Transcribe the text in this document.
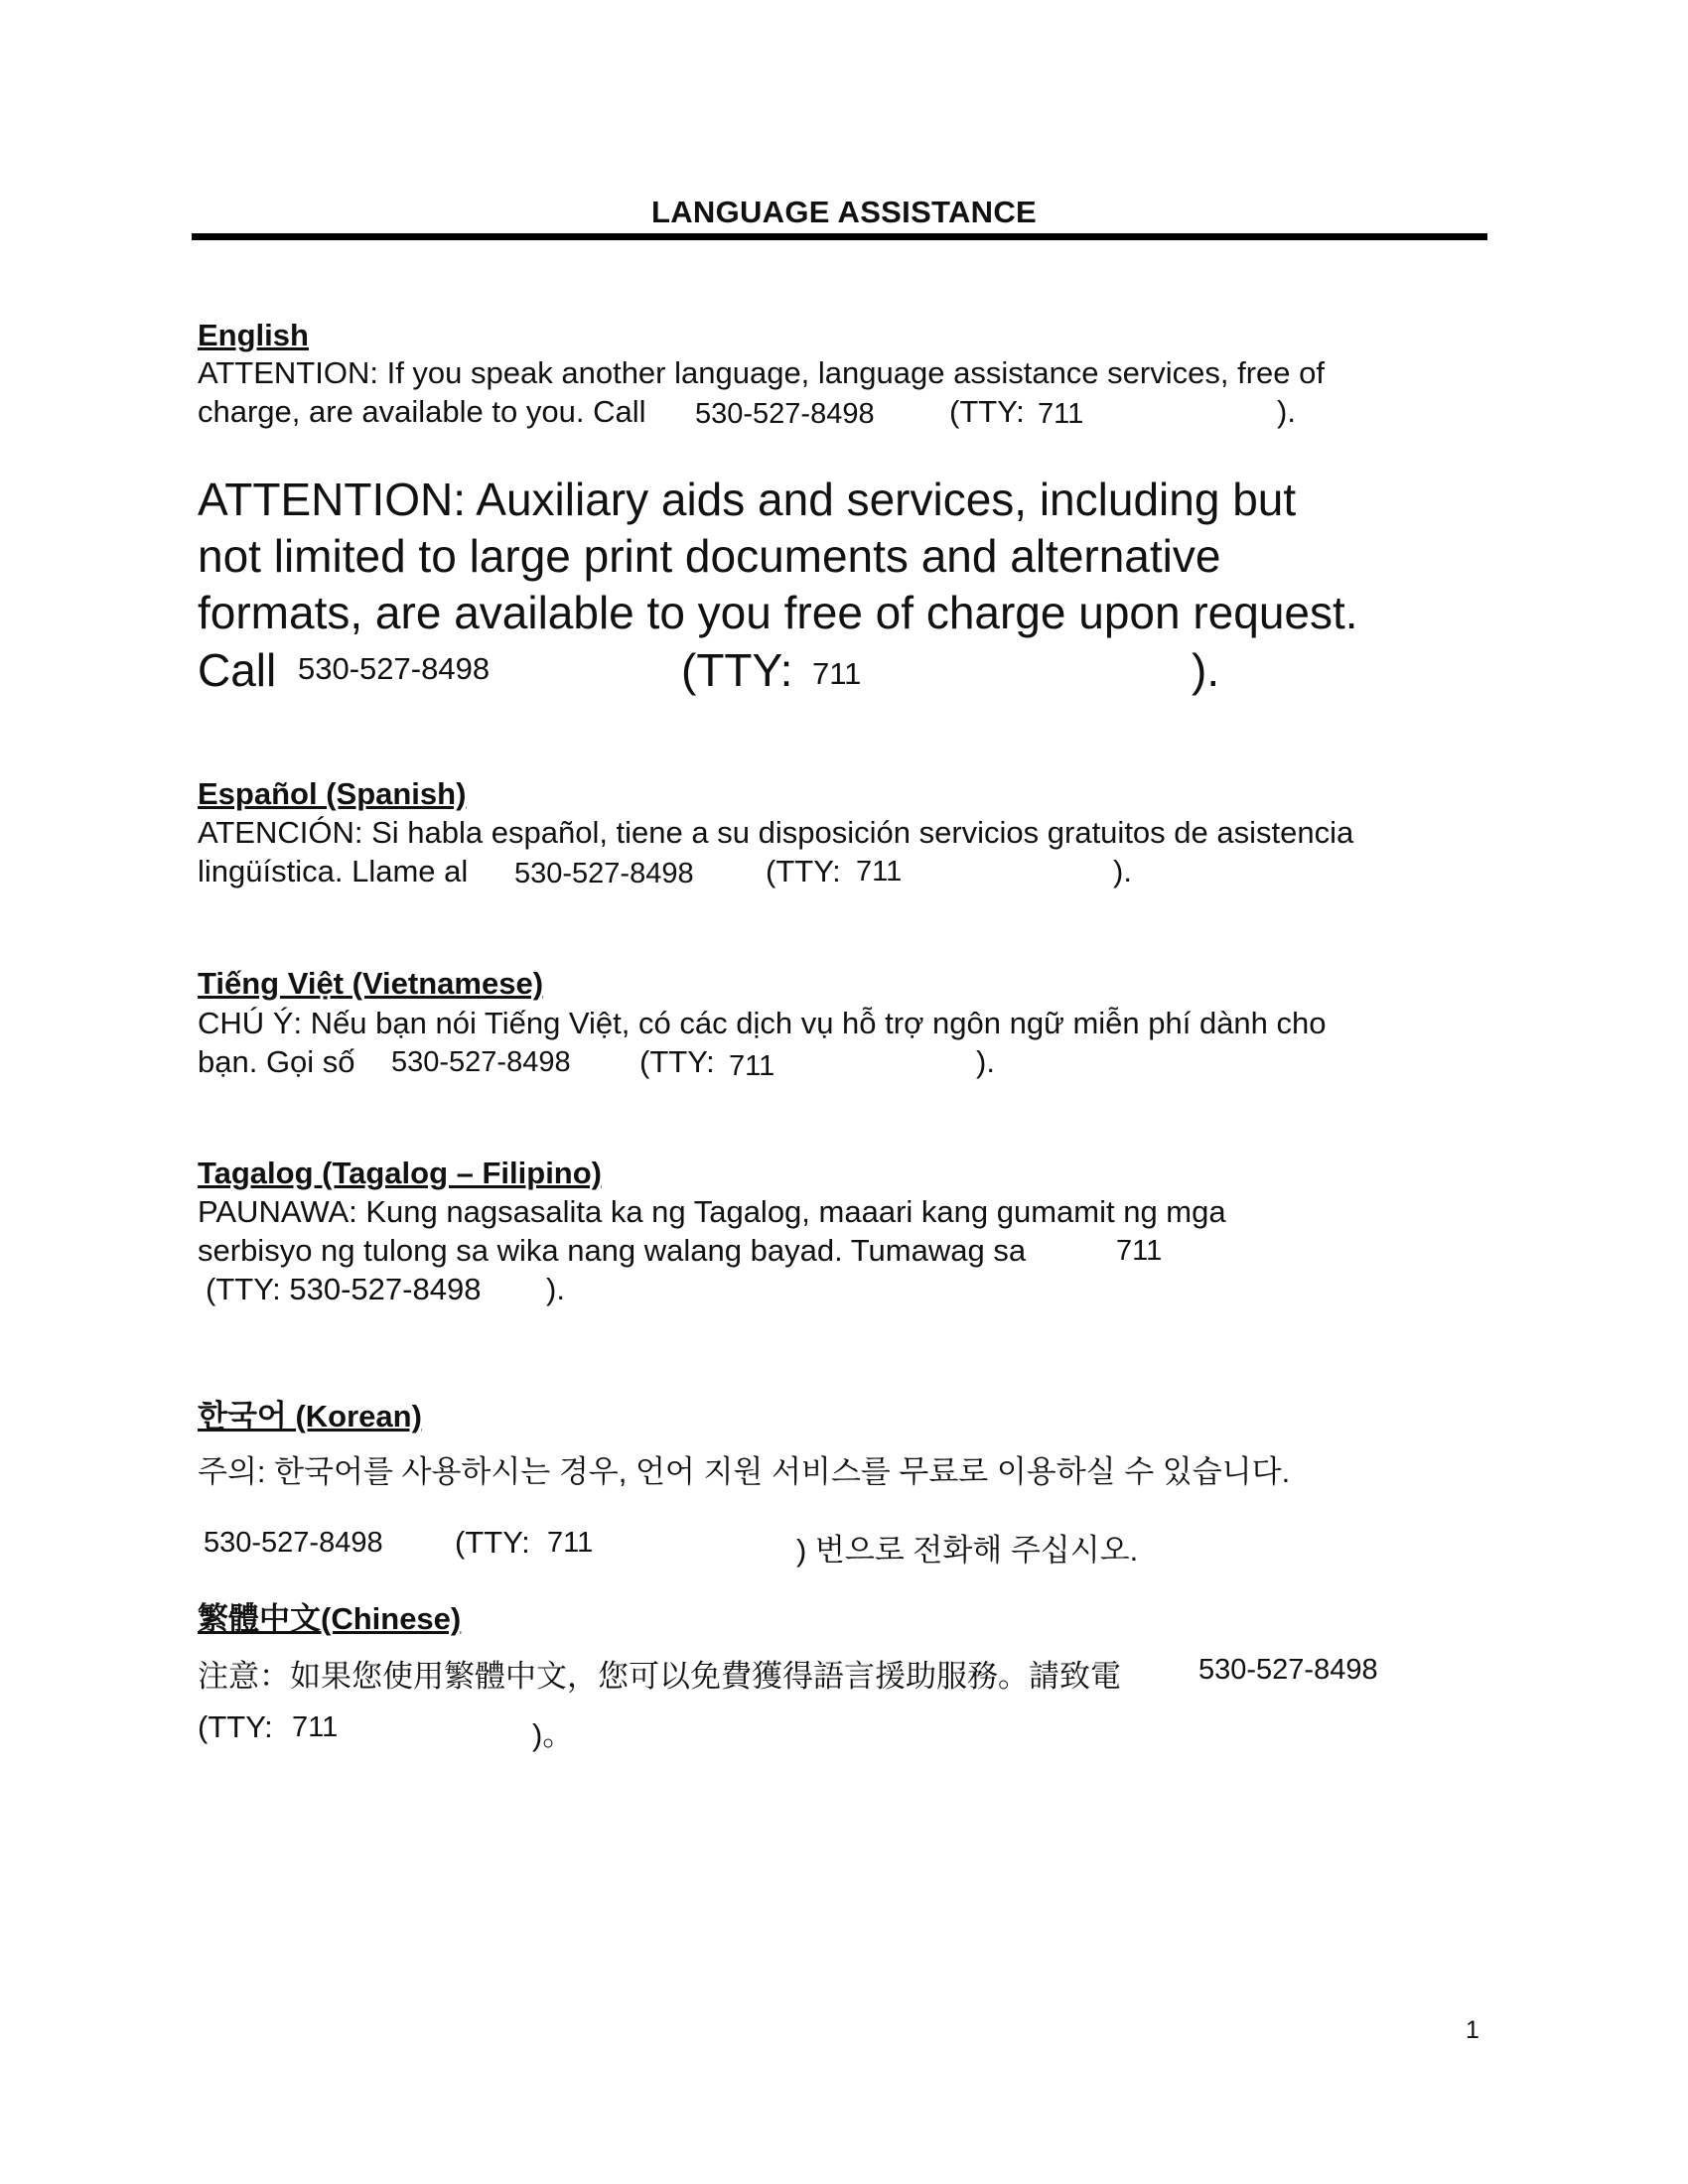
LANGUAGE ASSISTANCE
English
ATTENTION: If you speak another language, language assistance services, free of
charge, are available to you. Call 530-527-8498 (TTY: 711	).
ATTENTION: Auxiliary aids and services, including but
not limited to large print documents and alternative
formats, are available to you free of charge upon request.
Call 530-527-8498	(TTY: 711	).
Español (Spanish)
ATENCIÓN: Si habla español, tiene a su disposición servicios gratuitos de asistencia
lingüística. Llame al 530-527-8498 (TTY: 711	).
Tiếng Việt (Vietnamese)
CHÚ Ý: Nếu bạn nói Tiếng Việt, có các dịch vụ hỗ trợ ngôn ngữ miễn phí dành cho
bạn. Gọi số 530-527-8498 (TTY: 711	).
Tagalog (Tagalog – Filipino)
PAUNAWA: Kung nagsasalita ka ng Tagalog, maaari kang gumamit ng mga
serbisyo ng tulong sa wika nang walang bayad. Tumawag sa	711
(TTY: 530-527-8498 ).
한국어 (Korean)
주의: 한국어를 사용하시는 경우, 언어 지원 서비스를 무료로 이용하실 수 있습니다.
530-527-8498 (TTY: 711	) 번으로 전화해 주십시오.
繁體中文(Chinese)
注意：如果您使用繁體中文，您可以免費獲得語言援助服務。請致電	530-527-8498
(TTY: 711	)。
1
